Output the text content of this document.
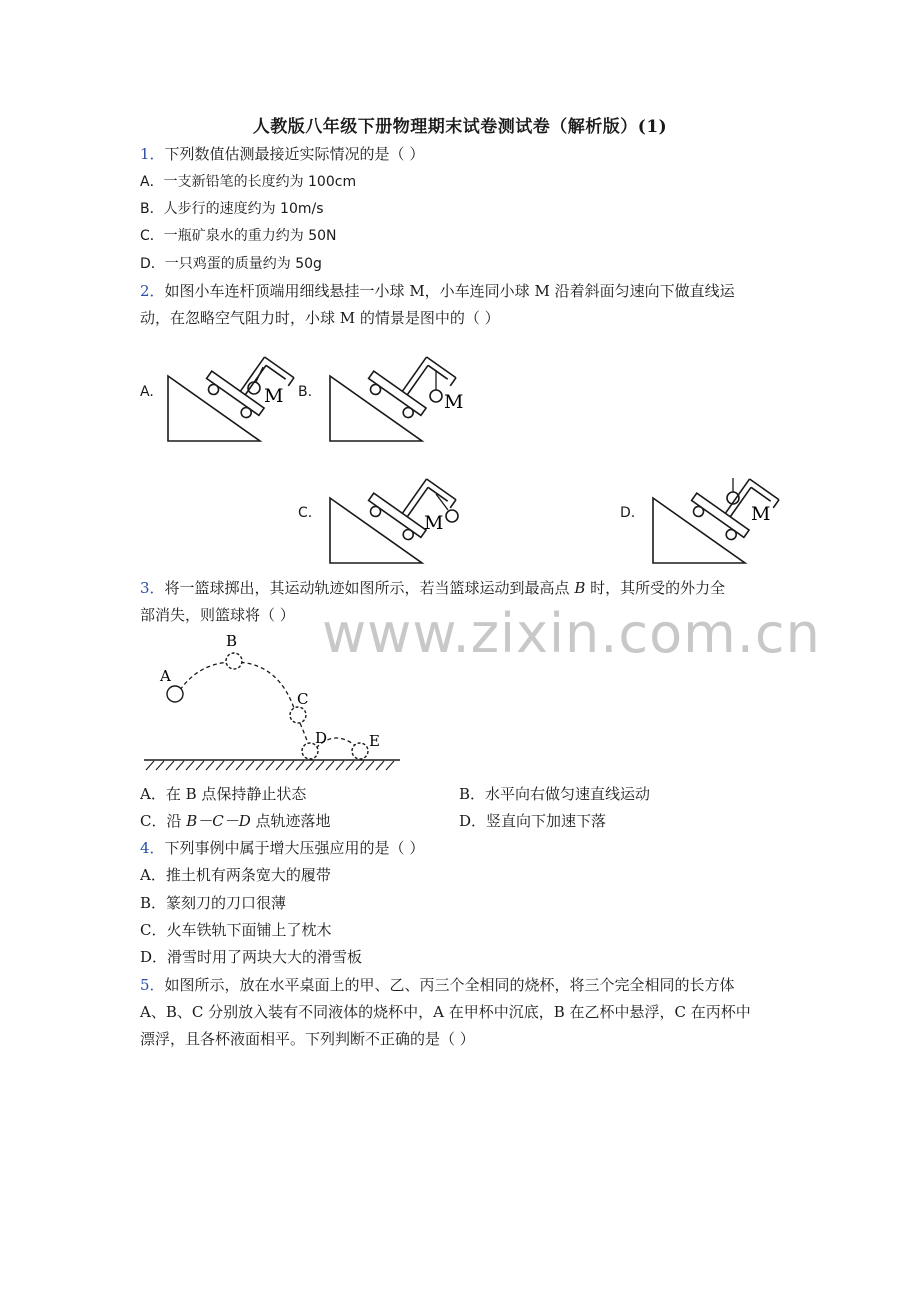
人教版八年级下册物理期末试卷测试卷（解析版）(1)
1．下列数值估测最接近实际情况的是（ ）
A．一支新铅笔的长度约为 100cm
B．人步行的速度约为 10m/s
C．一瓶矿泉水的重力约为 50N
D．一只鸡蛋的质量约为 50g
2．如图小车连杆顶端用细线悬挂一小球 M，小车连同小球 M 沿着斜面匀速向下做直线运
动，在忽略空气阻力时，小球 M 的情景是图中的（ ）
A.	M B.	M
C.	M	D.	M
3．将一篮球掷出，其运动轨迹如图所示，若当篮球运动到最高点 B 时，其所受的外力全
部消失，则篮球将（ ） www.zixin.com.cn
A
B
C
D	E
A．在 B 点保持静止状态	B．水平向右做匀速直线运动
C．沿 B－C－D 点轨迹落地	D．竖直向下加速下落
4．下列事例中属于增大压强应用的是（ ）
A．推土机有两条宽大的履带
B．篆刻刀的刀口很薄
C．火车铁轨下面铺上了枕木
D．滑雪时用了两块大大的滑雪板
5．如图所示，放在水平桌面上的甲、乙、丙三个全相同的烧杯，将三个完全相同的长方体
A、B、C 分别放入装有不同液体的烧杯中，A 在甲杯中沉底，B 在乙杯中悬浮，C 在丙杯中
漂浮，且各杯液面相平。下列判断不正确的是（ ）
